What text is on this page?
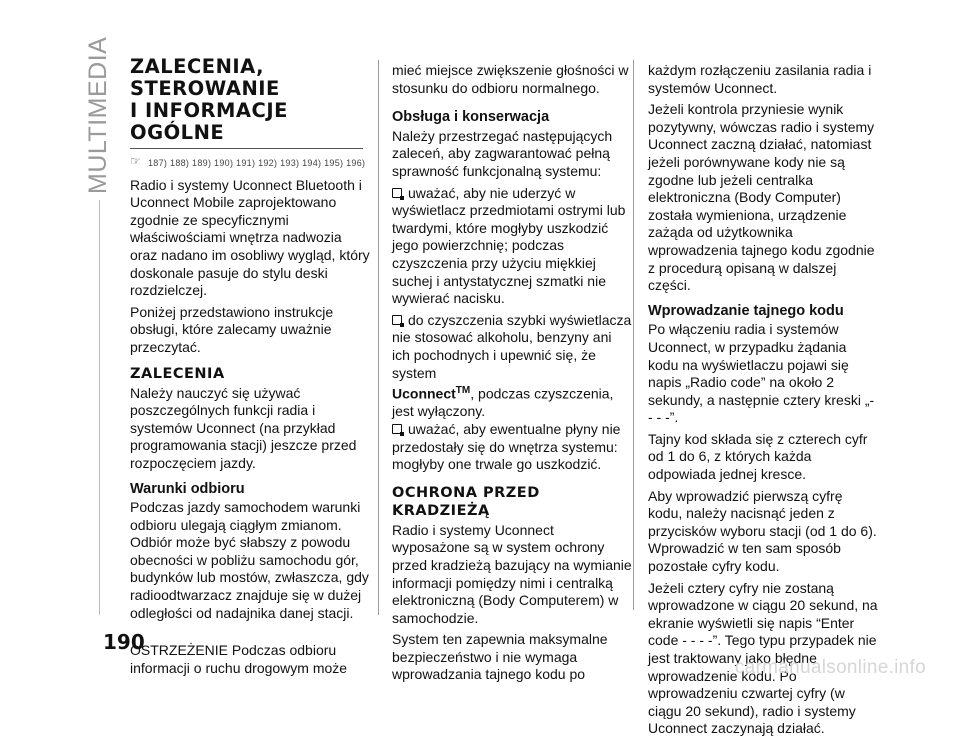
MULTIMEDIA
190
ZALECENIA,
STEROWANIE
I INFORMACJE
OGÓLNE
☞ 187) 188) 189) 190) 191) 192) 193) 194) 195) 196)

Radio i systemy Uconnect Bluetooth i Uconnect Mobile zaprojektowano zgodnie ze specyficznymi właściwościami wnętrza nadwozia oraz nadano im osobliwy wygląd, który doskonale pasuje do stylu deski rozdzielczej.

Poniżej przedstawiono instrukcje obsługi, które zalecamy uważnie przeczytać.

ZALECENIA

Należy nauczyć się używać poszczególnych funkcji radia i systemów Uconnect (na przykład programowania stacji) jeszcze przed rozpoczęciem jazdy.

Warunki odbioru

Podczas jazdy samochodem warunki odbioru ulegają ciągłym zmianom. Odbiór może być słabszy z powodu obecności w pobliżu samochodu gór, budynków lub mostów, zwłaszcza, gdy radioodtwarzacz znajduje się w dużej odległości od nadajnika danej stacji.

OSTRZEŻENIE Podczas odbioru informacji o ruchu drogowym może

mieć miejsce zwiększenie głośności w stosunku do odbioru normalnego.

Obsługa i konserwacja

Należy przestrzegać następujących zaleceń, aby zagwarantować pełną sprawność funkcjonalną systemu:

uważać, aby nie uderzyć w wyświetlacz przedmiotami ostrymi lub twardymi, które mogłyby uszkodzić jego powierzchnię; podczas czyszczenia przy użyciu miękkiej suchej i antystatycznej szmatki nie wywierać nacisku.

do czyszczenia szybki wyświetlacza nie stosować alkoholu, benzyny ani ich pochodnych i upewnić się, że system
Uconnect™, podczas czyszczenia, jest wyłączony.

uważać, aby ewentualne płyny nie przedostały się do wnętrza systemu: mogłyby one trwale go uszkodzić.

OCHRONA PRZED
KRADZIEŻĄ

Radio i systemy Uconnect wyposażone są w system ochrony przed kradzieżą bazujący na wymianie informacji pomiędzy nimi i centralką elektroniczną (Body Computerem) w samochodzie.

System ten zapewnia maksymalne bezpieczeństwo i nie wymaga wprowadzania tajnego kodu po

każdym rozłączeniu zasilania radia i systemów Uconnect.

Jeżeli kontrola przyniesie wynik pozytywny, wówczas radio i systemy Uconnect zaczną działać, natomiast jeżeli porównywane kody nie są zgodne lub jeżeli centralka elektroniczna (Body Computer) została wymieniona, urządzenie zażąda od użytkownika wprowadzenia tajnego kodu zgodnie z procedurą opisaną w dalszej części.

Wprowadzanie tajnego kodu

Po włączeniu radia i systemów Uconnect, w przypadku żądania kodu na wyświetlaczu pojawi się napis „Radio code” na około 2 sekundy, a następnie cztery kreski „- - - -”.

Tajny kod składa się z czterech cyfr od 1 do 6, z których każda odpowiada jednej kresce.

Aby wprowadzić pierwszą cyfrę kodu, należy nacisnąć jeden z przycisków wyboru stacji (od 1 do 6). Wprowadzić w ten sam sposób pozostałe cyfry kodu.

Jeżeli cztery cyfry nie zostaną wprowadzone w ciągu 20 sekund, na ekranie wyświetli się napis “Enter code - - - -”. Tego typu przypadek nie jest traktowany jako błędne wprowadzenie kodu. Po wprowadzeniu czwartej cyfry (w ciągu 20 sekund), radio i systemy Uconnect zaczynają działać.

carmanualsonline.info
